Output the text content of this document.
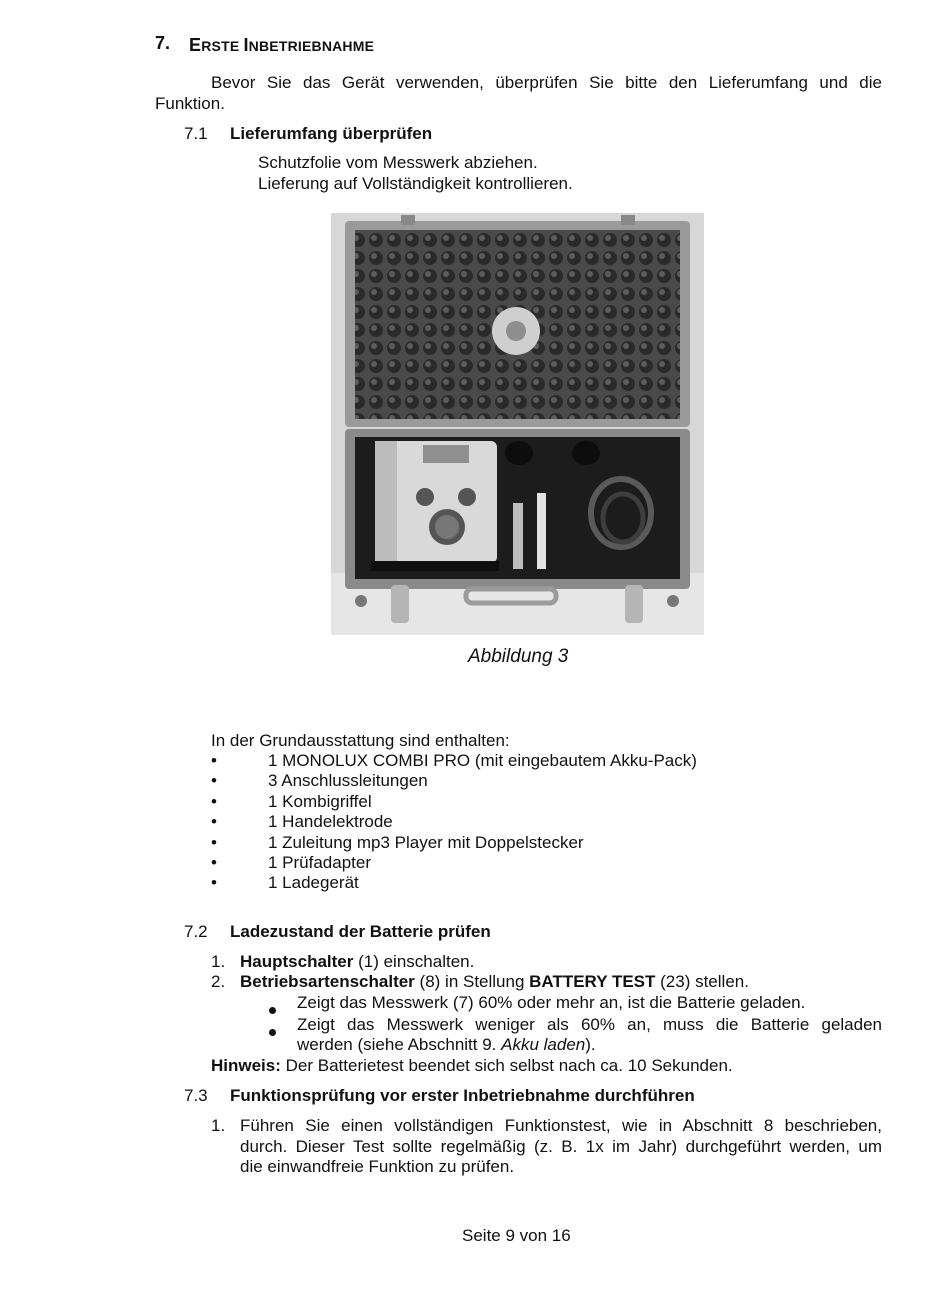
7. ERSTE INBETRIEBNAHME
Bevor Sie das Gerät verwenden, überprüfen Sie bitte den Lieferumfang und die
Funktion.
7.1 Lieferumfang überprüfen
Schutzfolie vom Messwerk abziehen.
Lieferung auf Vollständigkeit kontrollieren.
Abbildung 3
In der Grundausstattung sind enthalten:
•	1 MONOLUX COMBI PRO (mit eingebautem Akku-Pack)
•	3 Anschlussleitungen
•	1 Kombigriffel
•	1 Handelektrode
•	1 Zuleitung mp3 Player mit Doppelstecker
•	1 Prüfadapter
•	1 Ladegerät
7.2 Ladezustand der Batterie prüfen
1. Hauptschalter (1) einschalten.
2. Betriebsartenschalter (8) in Stellung BATTERY TEST (23) stellen.
Zeigt das Messwerk (7) 60% oder mehr an, ist die Batterie geladen.
Zeigt das Messwerk weniger als 60% an, muss die Batterie geladen
werden (siehe Abschnitt 9. Akku laden).
Hinweis: Der Batterietest beendet sich selbst nach ca. 10 Sekunden.
7.3 Funktionsprüfung vor erster Inbetriebnahme durchführen
1. Führen Sie einen vollständigen Funktionstest, wie in Abschnitt 8 beschrieben,
durch. Dieser Test sollte regelmäßig (z. B. 1x im Jahr) durchgeführt werden, um
die einwandfreie Funktion zu prüfen.
Seite 9 von 16
